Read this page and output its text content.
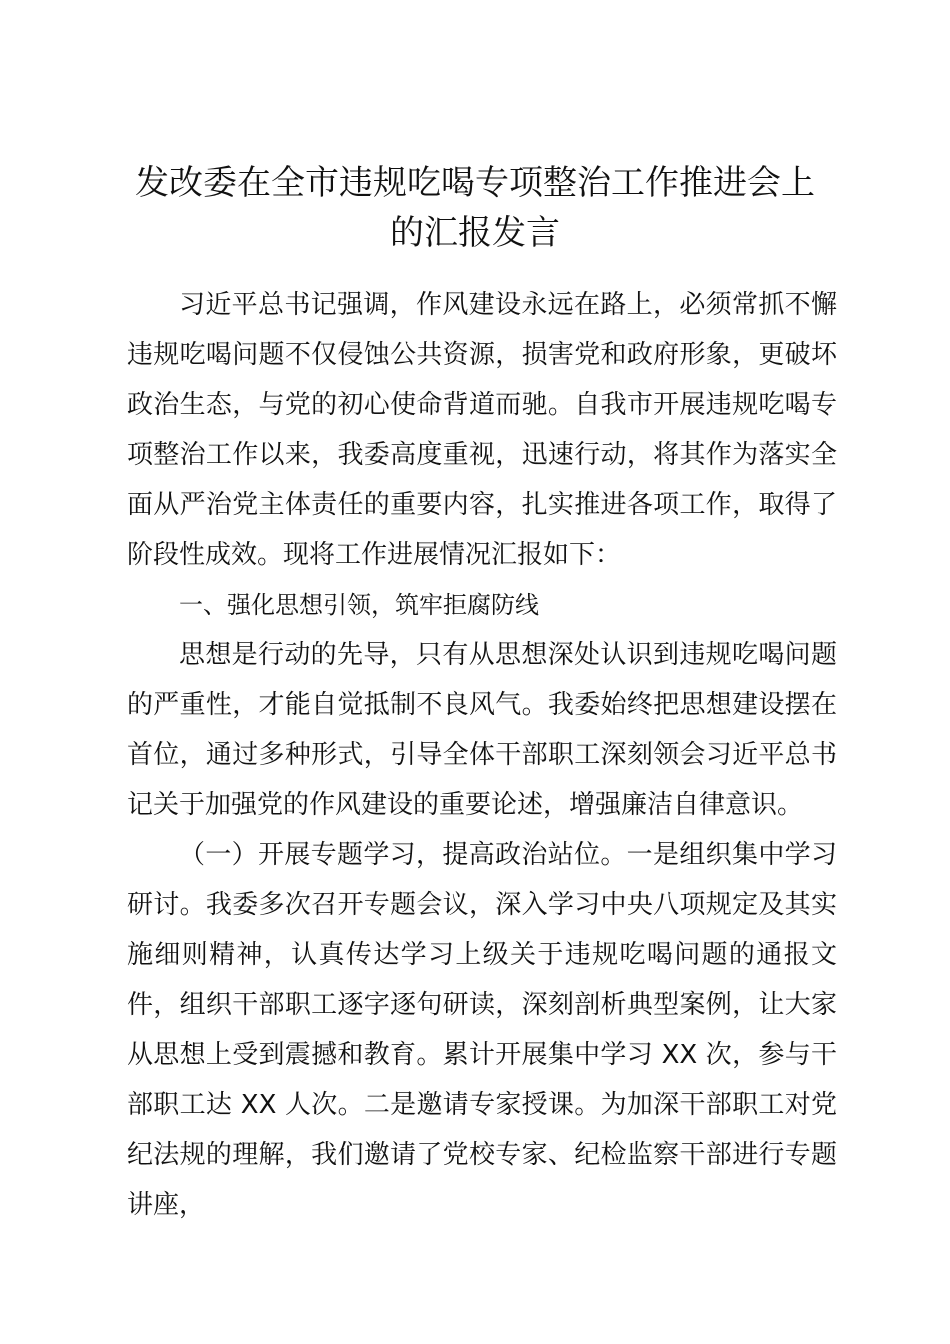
发改委在全市违规吃喝专项整治工作推进会上
的汇报发言

习近平总书记强调，作风建设永远在路上，必须常抓不懈违规吃喝问题不仅侵蚀公共资源，损害党和政府形象，更破坏政治生态，与党的初心使命背道而驰。自我市开展违规吃喝专项整治工作以来，我委高度重视，迅速行动，将其作为落实全面从严治党主体责任的重要内容，扎实推进各项工作，取得了阶段性成效。现将工作进展情况汇报如下：

一、强化思想引领，筑牢拒腐防线

思想是行动的先导，只有从思想深处认识到违规吃喝问题的严重性，才能自觉抵制不良风气。我委始终把思想建设摆在首位，通过多种形式，引导全体干部职工深刻领会习近平总书记关于加强党的作风建设的重要论述，增强廉洁自律意识。

（一）开展专题学习，提高政治站位。一是组织集中学习研讨。我委多次召开专题会议，深入学习中央八项规定及其实施细则精神，认真传达学习上级关于违规吃喝问题的通报文件，组织干部职工逐字逐句研读，深刻剖析典型案例，让大家从思想上受到震撼和教育。累计开展集中学习 XX 次，参与干部职工达 XX 人次。二是邀请专家授课。为加深干部职工对党纪法规的理解，我们邀请了党校专家、纪检监察干部进行专题讲座，
